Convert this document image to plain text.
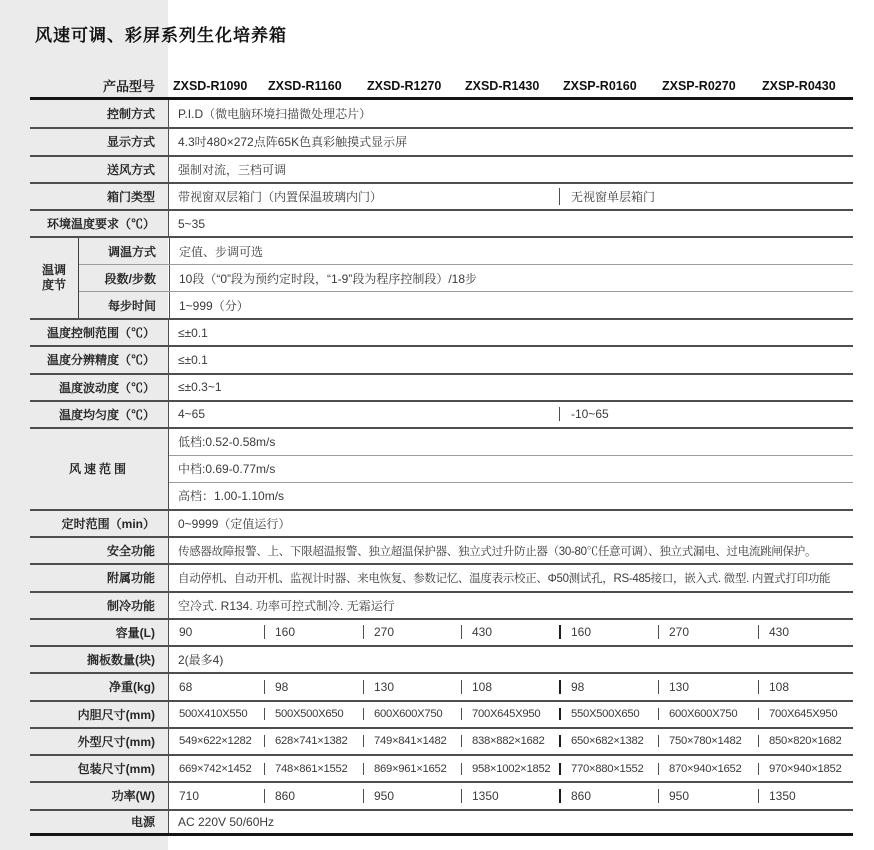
风速可调、彩屏系列生化培养箱
产品型号	ZXSD-R1090	ZXSD-R1160	ZXSD-R1270	ZXSD-R1430	ZXSP-R0160	ZXSP-R0270	ZXSP-R0430
控制方式	P.I.D（微电脑环境扫描微处理芯片）
显示方式	4.3吋480×272点阵65K色真彩触摸式显示屏
送风方式	强制对流，三档可调
箱门类型	带视窗双层箱门（内置保温玻璃内门）	无视窗单层箱门
环境温度要求（℃）	5~35
温调
度节
调温方式	定值、步调可选
段数/步数	10段（“0”段为预约定时段，“1-9”段为程序控制段）/18步
每步时间	1~999（分）
温度控制范围（℃）	≤±0.1
温度分辨精度（℃）	≤±0.1
温度波动度（℃）	≤±0.3~1
温度均匀度（℃）	4~65	-10~65
风速范围
低档:0.52-0.58m/s
中档:0.69-0.77m/s
高档：1.00-1.10m/s
定时范围（min）	0~9999（定值运行）
安全功能	传感器故障报警、上、下限超温报警、独立超温保护器、独立式过升防止器（30-80℃任意可调）、独立式漏电、过电流跳闸保护。
附属功能	自动停机、自动开机、监视计时器、来电恢复、参数记忆、温度表示校正、Φ50测试孔，RS-485接口，嵌入式. 微型. 内置式打印功能
制冷功能	空冷式. R134. 功率可控式制冷. 无霜运行
容量(L)	90	160	270	430	160	270	430
搁板数量(块)	2(最多4)
净重(kg)	68	98	130	108	98	130	108
内胆尺寸(mm)	500X410X550	500X500X650	600X600X750	700X645X950	550X500X650	600X600X750	700X645X950
外型尺寸(mm)	549×622×1282	628×741×1382	749×841×1482	838×882×1682	650×682×1382	750×780×1482	850×820×1682
包装尺寸(mm)	669×742×1452	748×861×1552	869×961×1652	958×1002×1852	770×880×1552	870×940×1652	970×940×1852
功率(W)	710	860	950	1350	860	950	1350
电源	AC 220V 50/60Hz
